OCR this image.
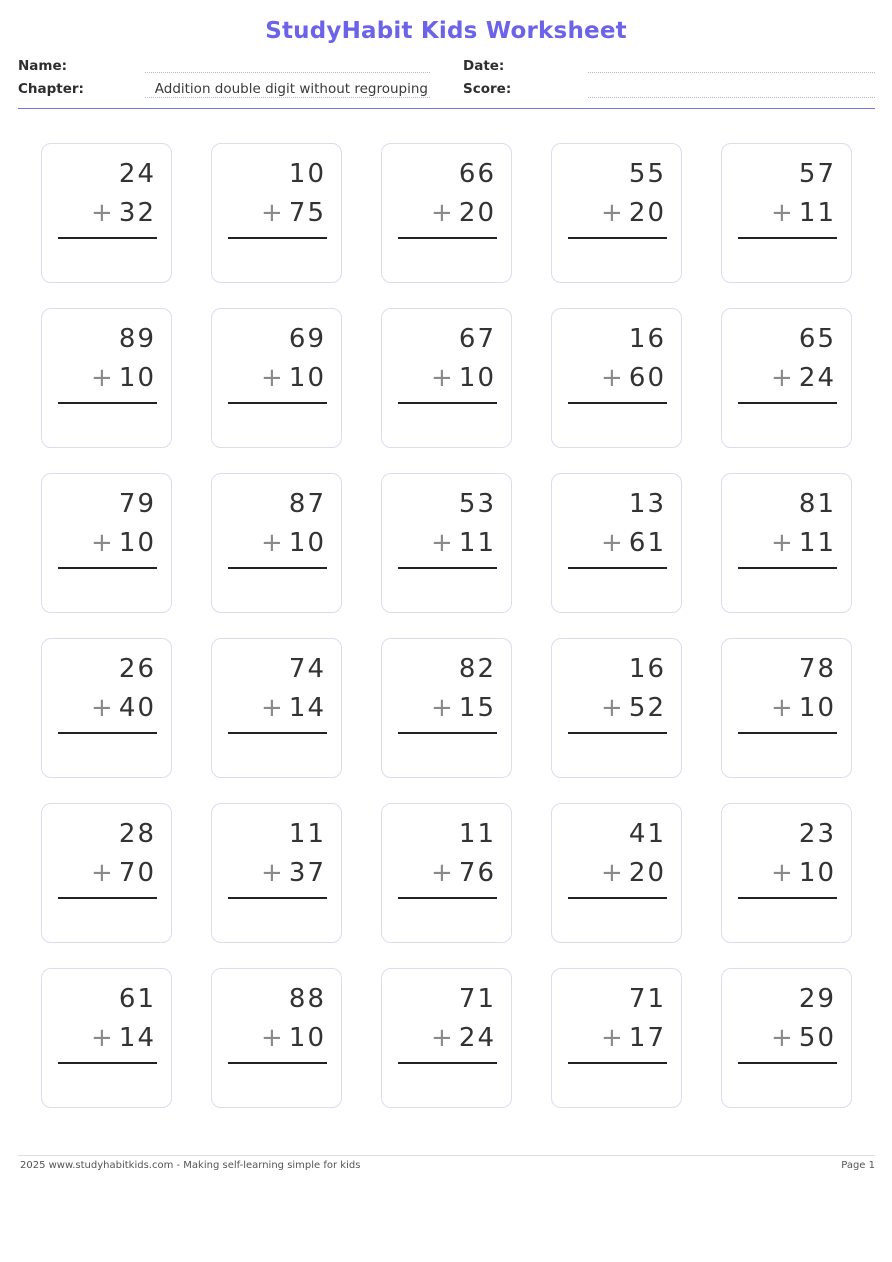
StudyHabit Kids Worksheet
Name:
Chapter:	Addition double digit without regrouping
Date:
Score:
24
+ 32
10
+ 75
66
+ 20
55
+ 20
57
+ 11
89
+ 10
69
+ 10
67
+ 10
16
+ 60
65
+ 24
79
+ 10
87
+ 10
53
+ 11
13
+ 61
81
+ 11
26
+ 40
74
+ 14
82
+ 15
16
+ 52
78
+ 10
28
+ 70
11
+ 37
11
+ 76
41
+ 20
23
+ 10
61
+ 14
88
+ 10
71
+ 24
71
+ 17
29
+ 50
2025 www.studyhabitkids.com - Making self-learning simple for kids	Page 1
